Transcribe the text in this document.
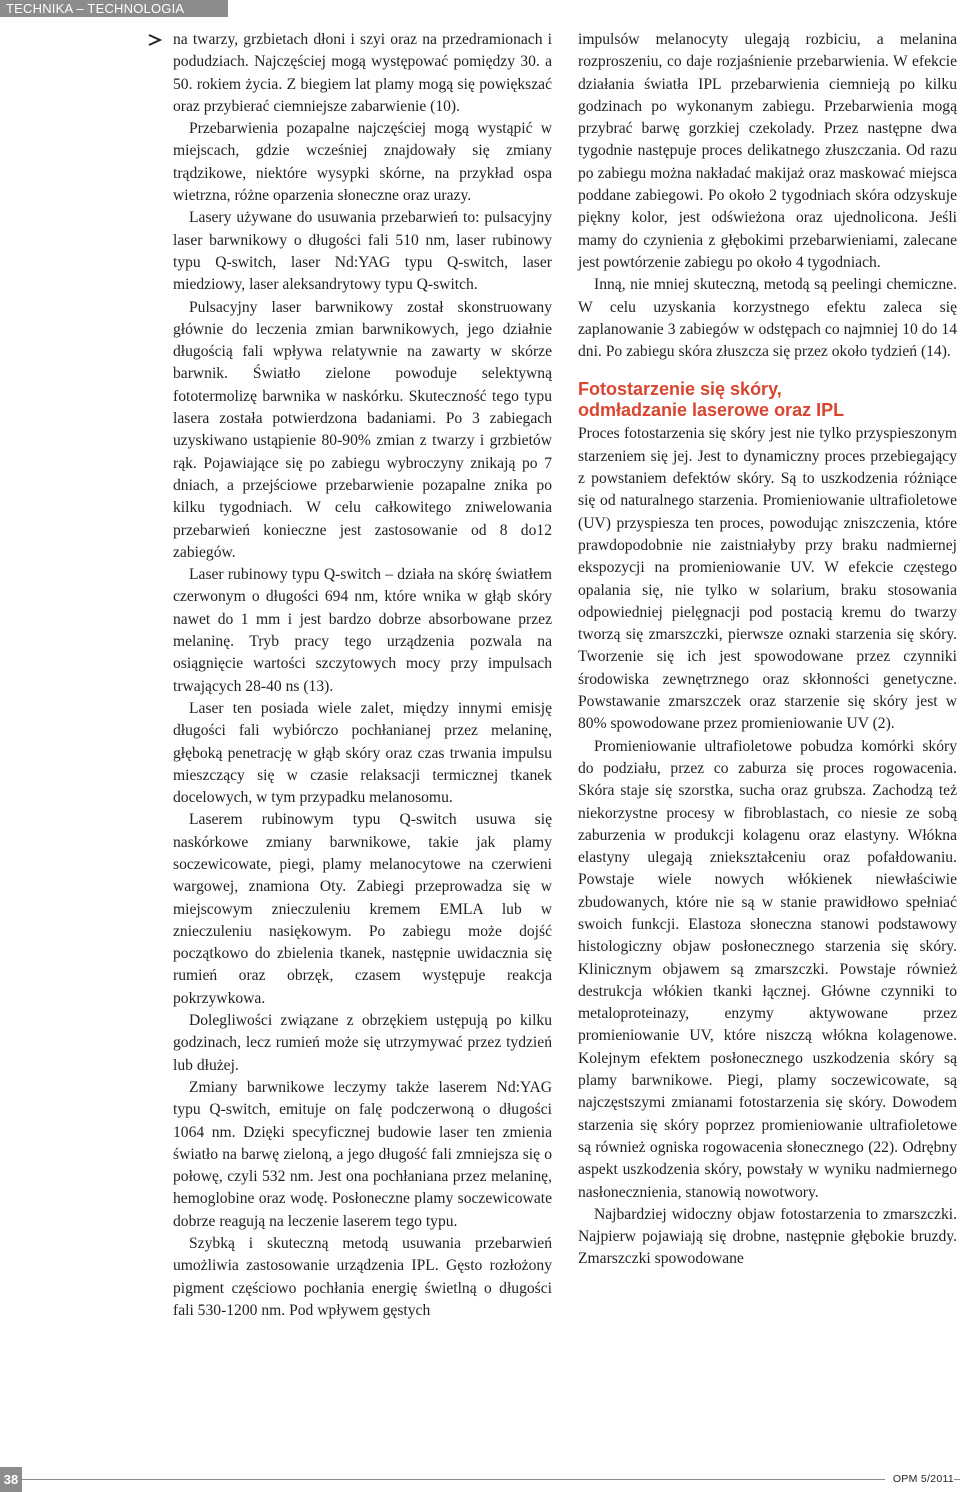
TECHNIKA – TECHNOLOGIA

na twarzy, grzbietach dłoni i szyi oraz na przedramionach i podudziach. Najczęściej mogą występować pomiędzy 30. a 50. rokiem życia. Z biegiem lat plamy mogą się powiększać oraz przybierać ciemniejsze zabarwienie (10).

Przebarwienia pozapalne najczęściej mogą wystąpić w miejscach, gdzie wcześniej znajdowały się zmiany trądzikowe, niektóre wysypki skórne, na przykład ospa wietrzna, różne oparzenia słoneczne oraz urazy.

Lasery używane do usuwania przebarwień to: pulsacyjny laser barwnikowy o długości fali 510 nm, laser rubinowy typu Q-switch, laser Nd:YAG typu Q-switch, laser miedziowy, laser aleksandrytowy typu Q-switch.

Pulsacyjny laser barwnikowy został skonstruowany głównie do leczenia zmian barwnikowych, jego działnie długością fali wpływa relatywnie na zawarty w skórze barwnik. Światło zielone powoduje selektywną fototermolizę barwnika w naskórku. Skuteczność tego typu lasera została potwierdzona badaniami. Po 3 zabiegach uzyskiwano ustąpienie 80-90% zmian z twarzy i grzbietów rąk. Pojawiające się po zabiegu wybroczyny znikają po 7 dniach, a przejściowe przebarwienie pozapalne znika po kilku tygodniach. W celu całkowitego zniwelowania przebarwień konieczne jest zastosowanie od 8 do12 zabiegów.

Laser rubinowy typu Q-switch – działa na skórę światłem czerwonym o długości 694 nm, które wnika w głąb skóry nawet do 1 mm i jest bardzo dobrze absorbowane przez melaninę. Tryb pracy tego urządzenia pozwala na osiągnięcie wartości szczytowych mocy przy impulsach trwających 28-40 ns (13).

Laser ten posiada wiele zalet, między innymi emisję długości fali wybiórczo pochłanianej przez melaninę, głęboką penetrację w głąb skóry oraz czas trwania impulsu mieszczący się w czasie relaksacji termicznej tkanek docelowych, w tym przypadku melanosomu.

Laserem rubinowym typu Q-switch usuwa się naskórkowe zmiany barwnikowe, takie jak plamy soczewicowate, piegi, plamy melanocytowe na czerwieni wargowej, znamiona Oty. Zabiegi przeprowadza się w miejscowym znieczuleniu kremem EMLA lub w znieczuleniu nasiękowym. Po zabiegu może dojść początkowo do zbielenia tkanek, następnie uwidacznia się rumień oraz obrzęk, czasem występuje reakcja pokrzywkowa.

Dolegliwości związane z obrzękiem ustępują po kilku godzinach, lecz rumień może się utrzymywać przez tydzień lub dłużej.

Zmiany barwnikowe leczymy także laserem Nd:YAG typu Q-switch, emituje on falę podczerwoną o długości 1064 nm. Dzięki specyficznej budowie laser ten zmienia światło na barwę zieloną, a jego długość fali zmniejsza się o połowę, czyli 532 nm. Jest ona pochłaniana przez melaninę, hemoglobine oraz wodę. Posłoneczne plamy soczewicowate dobrze reagują na leczenie laserem tego typu.

Szybką i skuteczną metodą usuwania przebarwień umożliwia zastosowanie urządzenia IPL. Gęsto rozłożony pigment częściowo pochłania energię świetlną o długości fali 530-1200 nm. Pod wpływem gęstych

impulsów melanocyty ulegają rozbiciu, a melanina rozproszeniu, co daje rozjaśnienie przebarwienia. W efekcie działania światła IPL przebarwienia ciemnieją po kilku godzinach po wykonanym zabiegu. Przebarwienia mogą przybrać barwę gorzkiej czekolady. Przez następne dwa tygodnie następuje proces delikatnego złuszczania. Od razu po zabiegu można nakładać makijaż oraz maskować miejsca poddane zabiegowi. Po około 2 tygodniach skóra odzyskuje piękny kolor, jest odświeżona oraz ujednolicona. Jeśli mamy do czynienia z głębokimi przebarwieniami, zalecane jest powtórzenie zabiegu po około 4 tygodniach.

Inną, nie mniej skuteczną, metodą są peelingi chemiczne. W celu uzyskania korzystnego efektu zaleca się zaplanowanie 3 zabiegów w odstępach co najmniej 10 do 14 dni. Po zabiegu skóra złuszcza się przez około tydzień (14).

Fotostarzenie się skóry,
odmładzanie laserowe oraz IPL

Proces fotostarzenia się skóry jest nie tylko przyspieszonym starzeniem się jej. Jest to dynamiczny proces przebiegający z powstaniem defektów skóry. Są to uszkodzenia różniące się od naturalnego starzenia. Promieniowanie ultrafioletowe (UV) przyspiesza ten proces, powodując zniszczenia, które prawdopodobnie nie zaistniałyby przy braku nadmiernej ekspozycji na promieniowanie UV. W efekcie częstego opalania się, nie tylko w solarium, braku stosowania odpowiedniej pielęgnacji pod postacią kremu do twarzy tworzą się zmarszczki, pierwsze oznaki starzenia się skóry. Tworzenie się ich jest spowodowane przez czynniki środowiska zewnętrznego oraz skłonności genetyczne. Powstawanie zmarszczek oraz starzenie się skóry jest w 80% spowodowane przez promieniowanie UV (2).

Promieniowanie ultrafioletowe pobudza komórki skóry do podziału, przez co zaburza się proces rogowacenia. Skóra staje się szorstka, sucha oraz grubsza. Zachodzą też niekorzystne procesy w fibroblastach, co niesie ze sobą zaburzenia w produkcji kolagenu oraz elastyny. Włókna elastyny ulegają zniekształceniu oraz pofałdowaniu. Powstaje wiele nowych włókienek niewłaściwie zbudowanych, które nie są w stanie prawidłowo spełniać swoich funkcji. Elastoza słoneczna stanowi podstawowy histologiczny objaw posłonecznego starzenia się skóry. Klinicznym objawem są zmarszczki. Powstaje również destrukcja włókien tkanki łącznej. Główne czynniki to metaloproteinazy, enzymy aktywowane przez promieniowanie UV, które niszczą włókna kolagenowe. Kolejnym efektem posłonecznego uszkodzenia skóry są plamy barwnikowe. Piegi, plamy soczewicowate, są najczęstszymi zmianami fotostarzenia się skóry. Dowodem starzenia się skóry poprzez promieniowanie ultrafioletowe są również ogniska rogowacenia słonecznego (22). Odrębny aspekt uszkodzenia skóry, powstały w wyniku nadmiernego nasłonecznienia, stanowią nowotwory.

Najbardziej widoczny objaw fotostarzenia to zmarszczki. Najpierw pojawiają się drobne, następnie głębokie bruzdy. Zmarszczki spowodowane

38	OPM 5/2011
